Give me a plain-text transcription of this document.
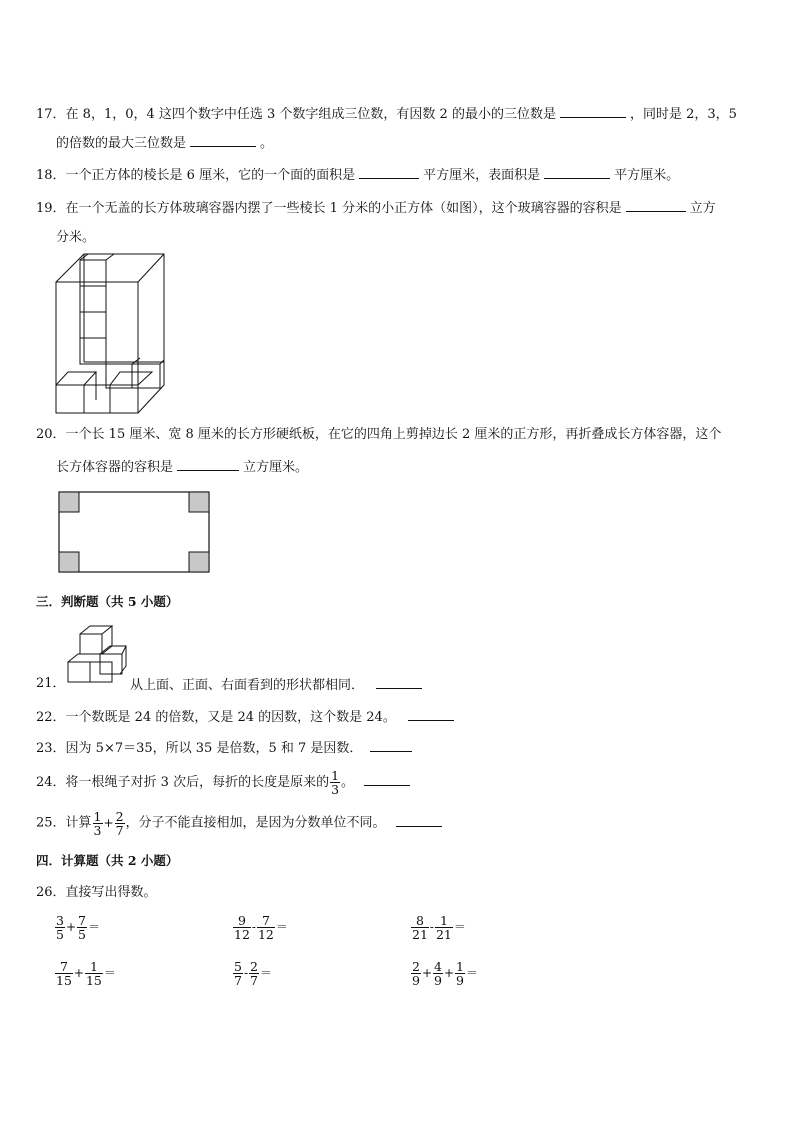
17．在 8，1，0，4 这四个数字中任选 3 个数字组成三位数，有因数 2 的最小的三位数是	，同时是 2，3，5
的倍数的最大三位数是	。
18．一个正方体的棱长是 6 厘米，它的一个面的面积是	平方厘米，表面积是	平方厘米。
19．在一个无盖的长方体玻璃容器内摆了一些棱长 1 分米的小正方体（如图），这个玻璃容器的容积是	立方
分米。
20．一个长 15 厘米、宽 8 厘米的长方形硬纸板，在它的四角上剪掉边长 2 厘米的正方形，再折叠成长方体容器，这个
长方体容器的容积是	立方厘米。
三．判断题（共 5 小题）
21．	从上面、正面、右面看到的形状都相同．
22．一个数既是 24 的倍数，又是 24 的因数，这个数是 24。
23．因为 5×7＝35，所以 35 是倍数，5 和 7 是因数．
24．将一根绳子对折 3 次后，每折的长度是原来的 $\frac{1}{3}$ 。
25．计算 $\frac{1}{3} + \frac{2}{7}$ ，分子不能直接相加，是因为分数单位不同。
四．计算题（共 2 小题）
26．直接写出得数。
$\frac{3}{5} + \frac{7}{5}$ ＝	$\frac{9}{12} - \frac{7}{12}$ ＝	$\frac{8}{21} - \frac{1}{21}$ ＝
$\frac{7}{15} + \frac{1}{15}$ ＝	$\frac{5}{7} - \frac{2}{7}$ ＝	$\frac{2}{9} + \frac{4}{9} + \frac{1}{9}$ ＝
